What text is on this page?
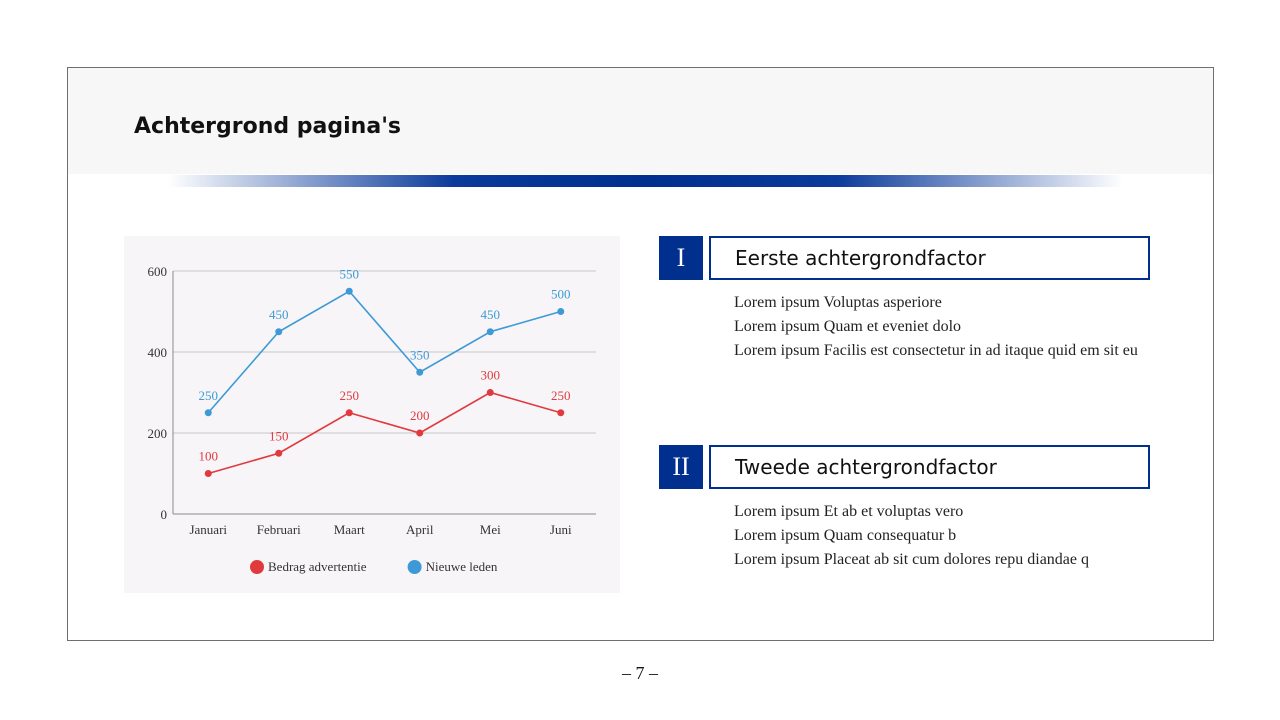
Achtergrond pagina's
0
200
400
600
Januari Februari	Maart	April	Mei	Juni
100
150
250
200
300
250
250
450
550
350
450
500
Bedrag advertentie	Nieuwe leden
I	Eerste achtergrondfactor
Lorem ipsum Voluptas asperiore
Lorem ipsum Quam et eveniet dolo
Lorem ipsum Facilis est consectetur in ad itaque quid em sit eu
II	Tweede achtergrondfactor
Lorem ipsum Et ab et voluptas vero
Lorem ipsum Quam consequatur b
Lorem ipsum Placeat ab sit cum dolores repu diandae q
– 7 –
